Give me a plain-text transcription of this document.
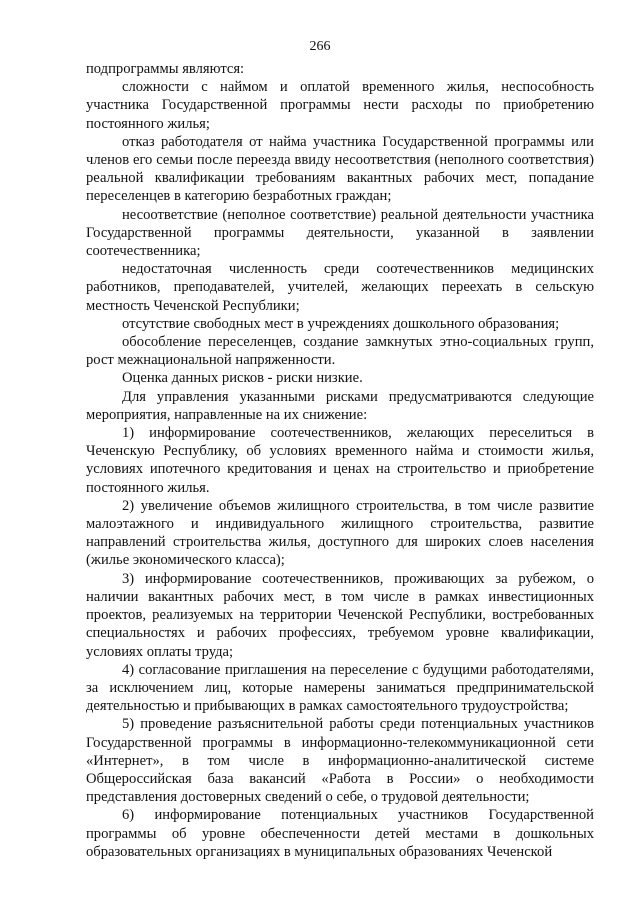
266

подпрограммы являются:

сложности с наймом и оплатой временного жилья, неспособность участника Государственной программы нести расходы по приобретению постоянного жилья;

отказ работодателя от найма участника Государственной программы или членов его семьи после переезда ввиду несоответствия (неполного соответствия) реальной квалификации требованиям вакантных рабочих мест, попадание переселенцев в категорию безработных граждан;

несоответствие (неполное соответствие) реальной деятельности участника Государственной программы деятельности, указанной в заявлении соотечественника;

недостаточная численность среди соотечественников медицинских работников, преподавателей, учителей, желающих переехать в сельскую местность Чеченской Республики;

отсутствие свободных мест в учреждениях дошкольного образования;

обособление переселенцев, создание замкнутых этно-социальных групп, рост межнациональной напряженности.

Оценка данных рисков - риски низкие.

Для управления указанными рисками предусматриваются следующие мероприятия, направленные на их снижение:

1) информирование соотечественников, желающих переселиться в Чеченскую Республику, об условиях временного найма и стоимости жилья, условиях ипотечного кредитования и ценах на строительство и приобретение постоянного жилья.

2) увеличение объемов жилищного строительства, в том числе развитие малоэтажного и индивидуального жилищного строительства, развитие направлений строительства жилья, доступного для широких слоев населения (жилье экономического класса);

3) информирование соотечественников, проживающих за рубежом, о наличии вакантных рабочих мест, в том числе в рамках инвестиционных проектов, реализуемых на территории Чеченской Республики, востребованных специальностях и рабочих профессиях, требуемом уровне квалификации, условиях оплаты труда;

4) согласование приглашения на переселение с будущими работодателями, за исключением лиц, которые намерены заниматься предпринимательской деятельностью и прибывающих в рамках самостоятельного трудоустройства;

5) проведение разъяснительной работы среди потенциальных участников Государственной программы в информационно-телекоммуникационной сети «Интернет», в том числе в информационно-аналитической системе Общероссийская база вакансий «Работа в России» о необходимости представления достоверных сведений о себе, о трудовой деятельности;

6) информирование потенциальных участников Государственной программы об уровне обеспеченности детей местами в дошкольных образовательных организациях в муниципальных образованиях Чеченской
